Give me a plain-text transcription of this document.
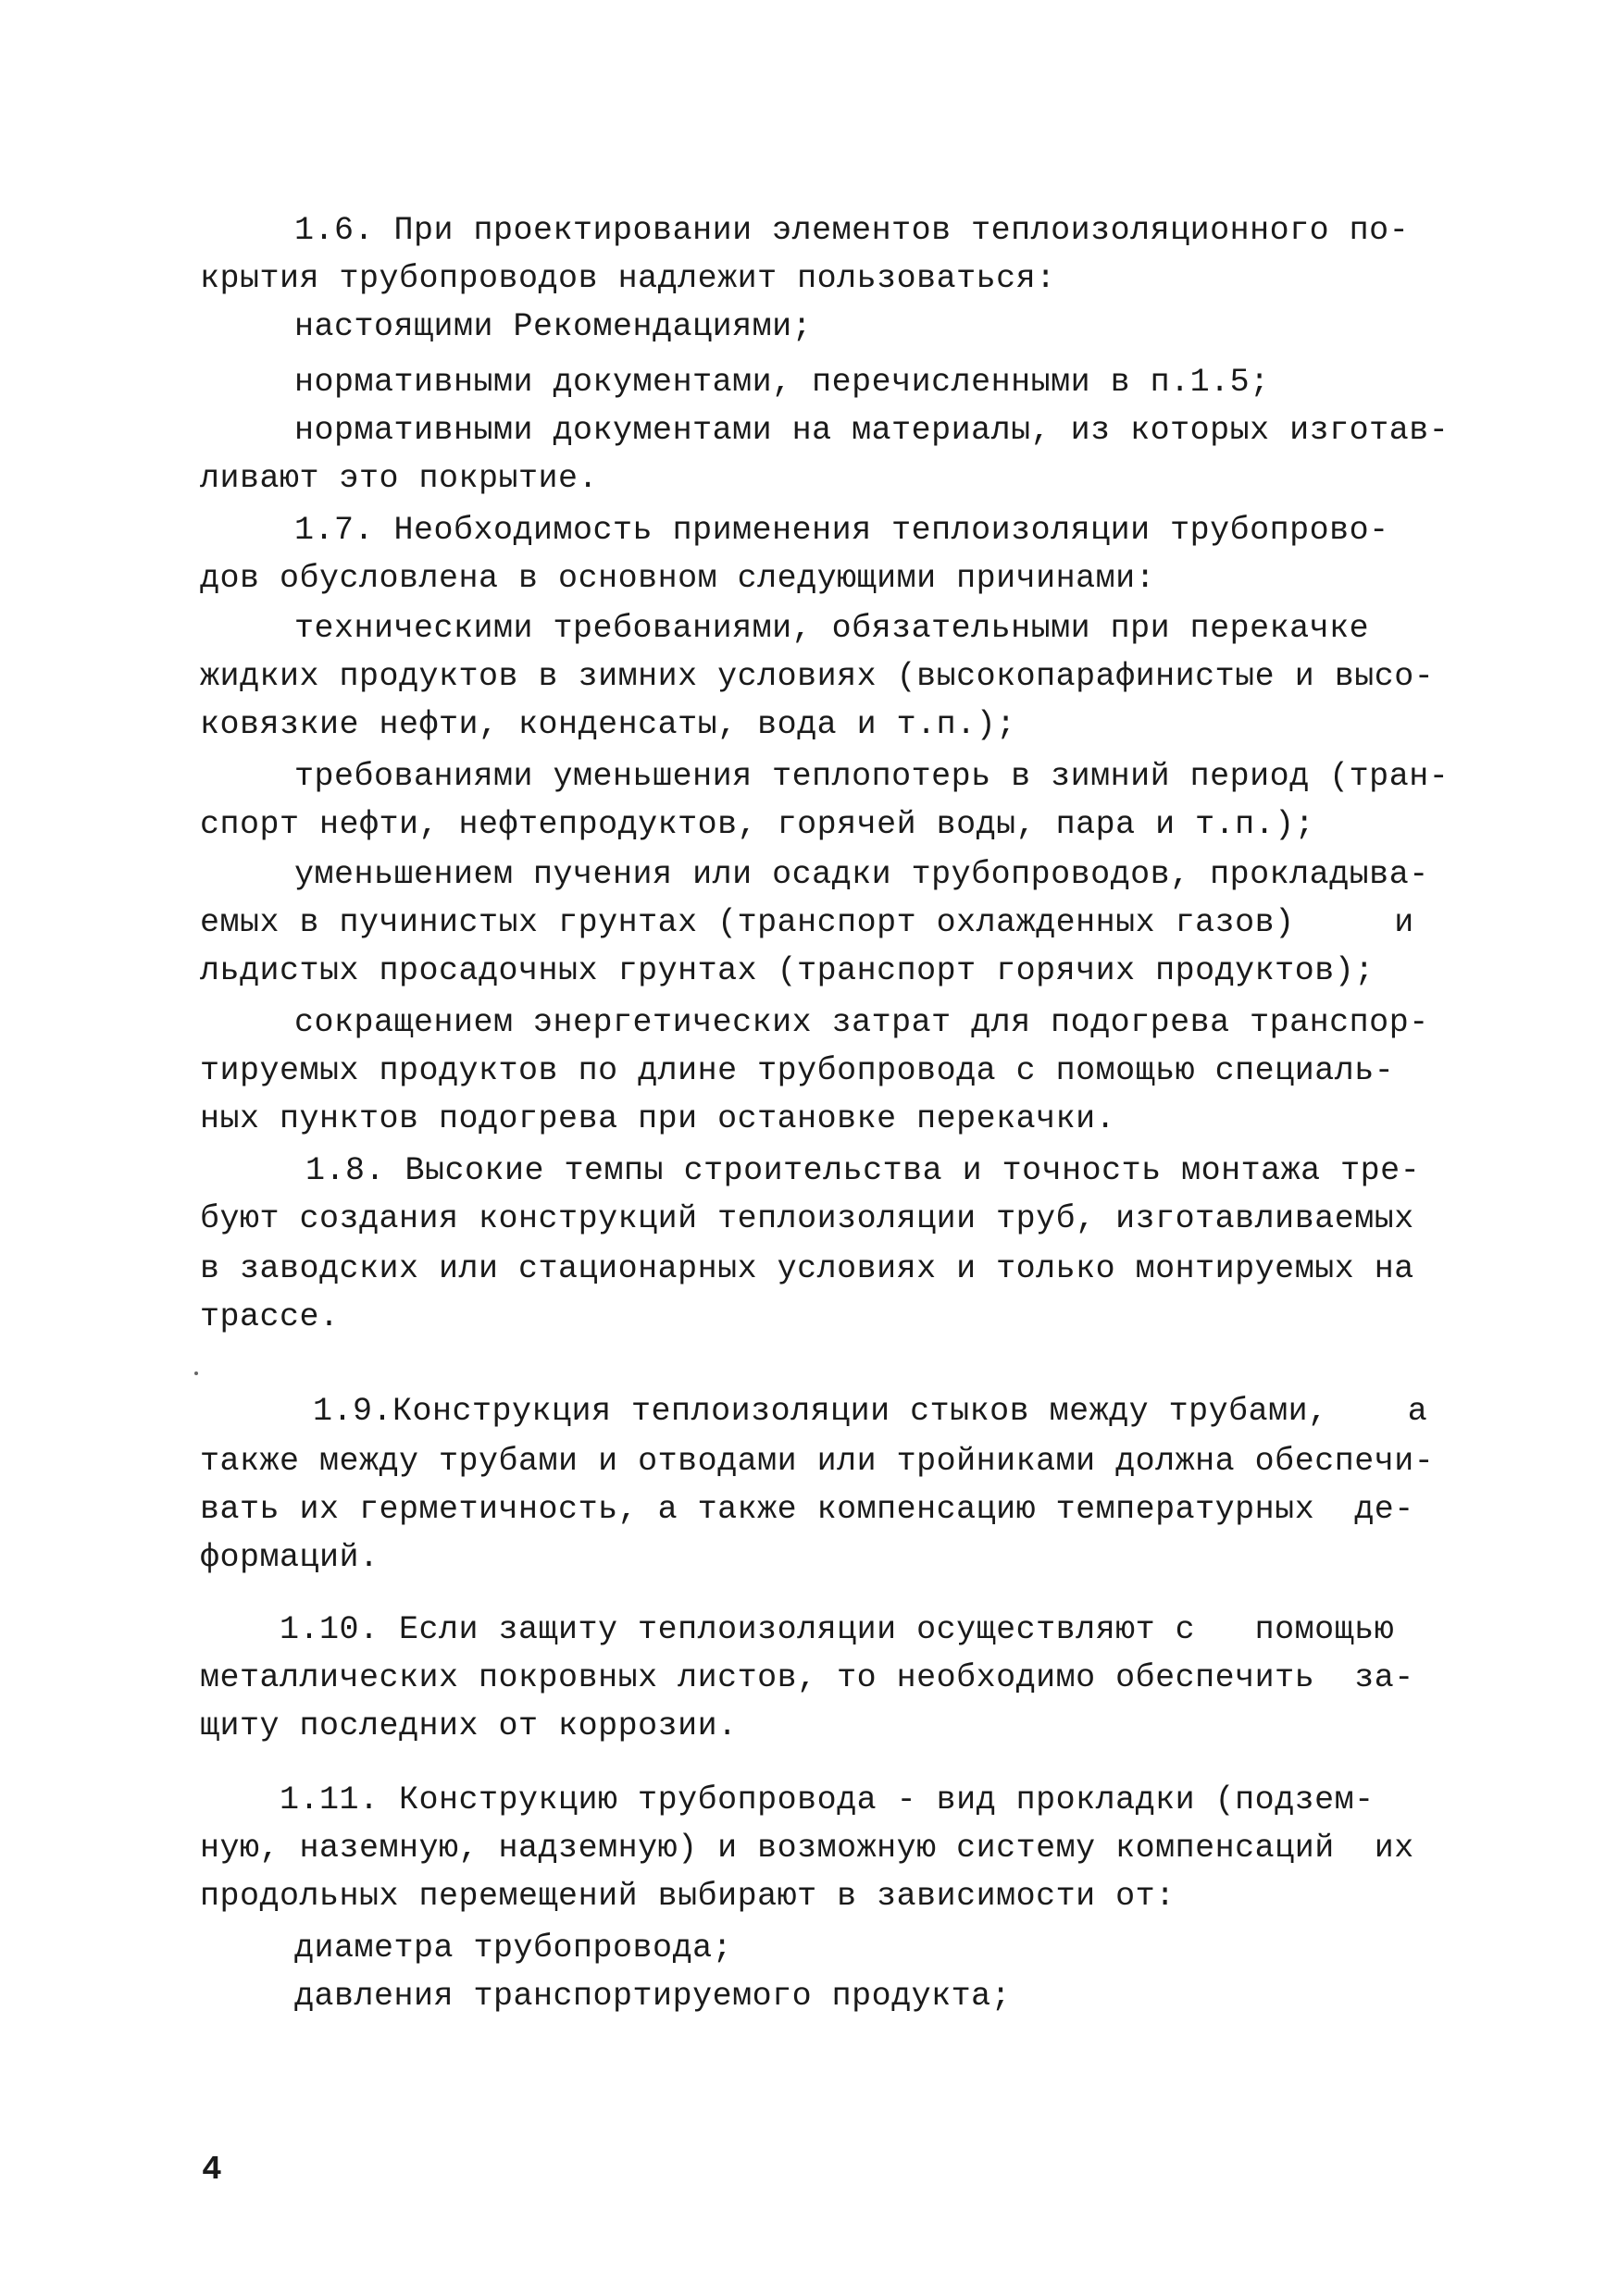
1.6. При проектировании элементов теплоизоляционного по-
крытия трубопроводов надлежит пользоваться:
настоящими Рекомендациями;
нормативными документами, перечисленными в п.1.5;
нормативными документами на материалы, из которых изготав-
ливают это покрытие.
1.7. Необходимость применения теплоизоляции трубопрово-
дов обусловлена в основном следующими причинами:
техническими требованиями, обязательными при перекачке
жидких продуктов в зимних условиях (высокопарафинистые и высо-
ковязкие нефти, конденсаты, вода и т.п.);
требованиями уменьшения теплопотерь в зимний период (тран-
спорт нефти, нефтепродуктов, горячей воды, пара и т.п.);
уменьшением пучения или осадки трубопроводов, прокладыва-
емых в пучинистых грунтах (транспорт охлажденных газов)     и
льдистых просадочных грунтах (транспорт горячих продуктов);
сокращением энергетических затрат для подогрева транспор-
тируемых продуктов по длине трубопровода с помощью специаль-
ных пунктов подогрева при остановке перекачки.
1.8. Высокие темпы строительства и точность монтажа тре-
буют создания конструкций теплоизоляции труб, изготавливаемых
в заводских или стационарных условиях и только монтируемых на
трассе.
1.9.Конструкция теплоизоляции стыков между трубами,    а
также между трубами и отводами или тройниками должна обеспечи-
вать их герметичность, а также компенсацию температурных  де-
формаций.
1.10. Если защиту теплоизоляции осуществляют с   помощью
металлических покровных листов, то необходимо обеспечить  за-
щиту последних от коррозии.
1.11. Конструкцию трубопровода - вид прокладки (подзем-
ную, наземную, надземную) и возможную систему компенсаций  их
продольных перемещений выбирают в зависимости от:
диаметра трубопровода;
давления транспортируемого продукта;
4
